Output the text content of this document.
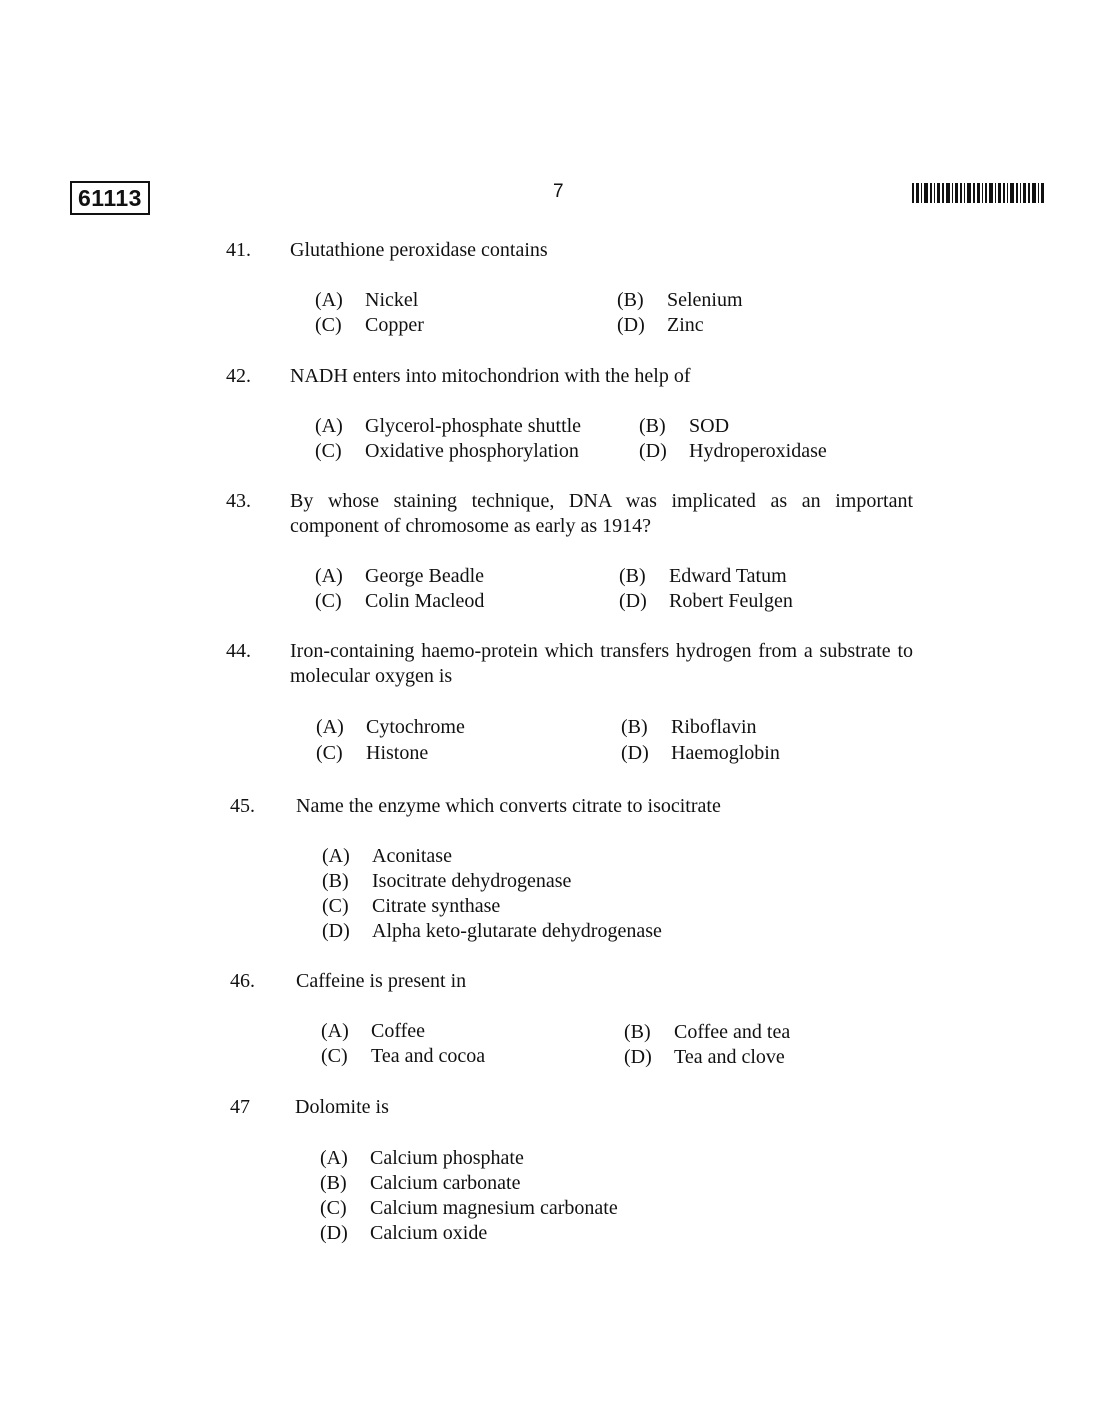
61113	7
41. Glutathione peroxidase contains
(A) Nickel	(B) Selenium
(C) Copper	(D) Zinc
42. NADH enters into mitochondrion with the help of
(A) Glycerol-phosphate shuttle	(B) SOD
(C) Oxidative phosphorylation	(D) Hydroperoxidase
43. By whose staining technique, DNA was implicated as an important component of chromosome as early as 1914?
(A) George Beadle	(B) Edward Tatum
(C) Colin Macleod	(D) Robert Feulgen
44. Iron-containing haemo-protein which transfers hydrogen from a substrate to molecular oxygen is
(A) Cytochrome	(B) Riboflavin
(C) Histone	(D) Haemoglobin
45. Name the enzyme which converts citrate to isocitrate
(A) Aconitase
(B) Isocitrate dehydrogenase
(C) Citrate synthase
(D) Alpha keto-glutarate dehydrogenase
46. Caffeine is present in
(A) Coffee	(B) Coffee and tea
(C) Tea and cocoa	(D) Tea and clove
47 Dolomite is
(A) Calcium phosphate
(B) Calcium carbonate
(C) Calcium magnesium carbonate
(D) Calcium oxide
